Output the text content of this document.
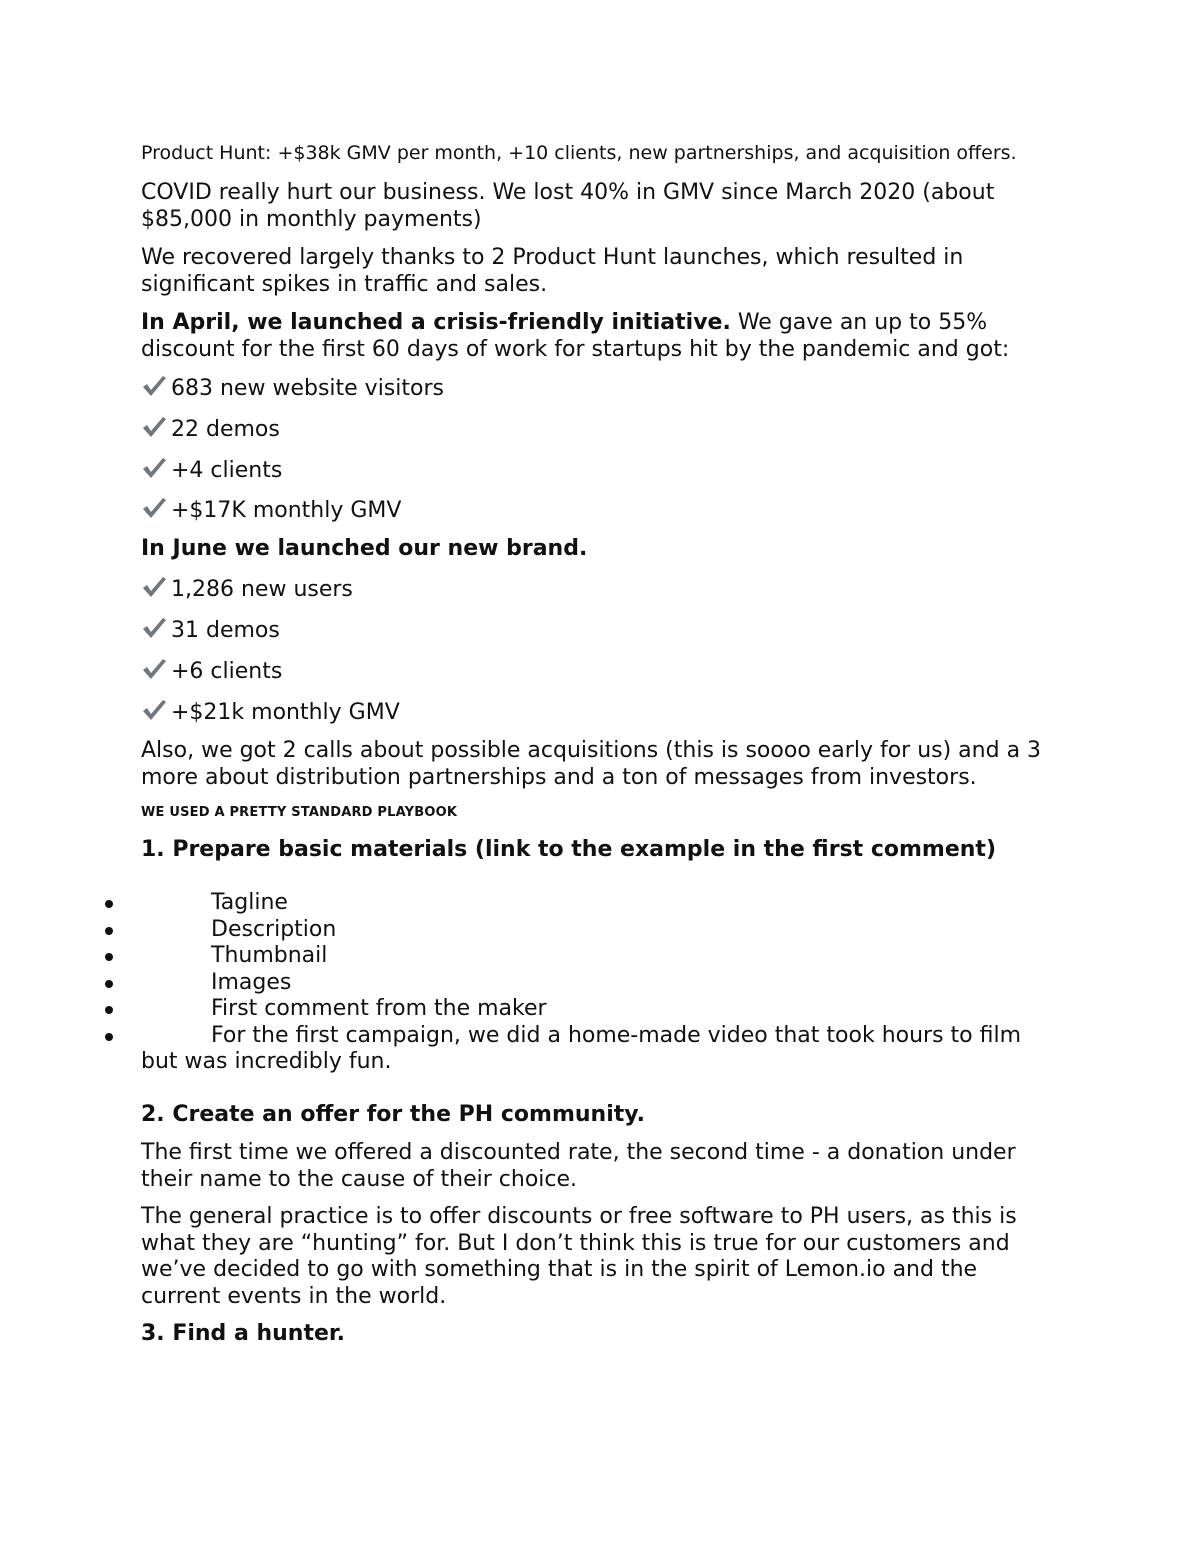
Product Hunt: +$38k GMV per month, +10 clients, new partnerships, and acquisition offers.

COVID really hurt our business. We lost 40% in GMV since March 2020 (about $85,000 in monthly payments)

We recovered largely thanks to 2 Product Hunt launches, which resulted in significant spikes in traffic and sales.

In April, we launched a crisis-friendly initiative. We gave an up to 55% discount for the first 60 days of work for startups hit by the pandemic and got:

683 new website visitors
22 demos
+4 clients
+$17K monthly GMV

In June we launched our new brand.

1,286 new users
31 demos
+6 clients
+$21k monthly GMV

Also, we got 2 calls about possible acquisitions (this is soooo early for us) and a 3 more about distribution partnerships and a ton of messages from investors.

WE USED A PRETTY STANDARD PLAYBOOK

1. Prepare basic materials (link to the example in the first comment)

Tagline
Description
Thumbnail
Images
First comment from the maker
For the first campaign, we did a home-made video that took hours to film but was incredibly fun.

2. Create an offer for the PH community.

The first time we offered a discounted rate, the second time - a donation under their name to the cause of their choice.

The general practice is to offer discounts or free software to PH users, as this is what they are “hunting” for. But I don’t think this is true for our customers and we’ve decided to go with something that is in the spirit of Lemon.io and the current events in the world.

3. Find a hunter.
